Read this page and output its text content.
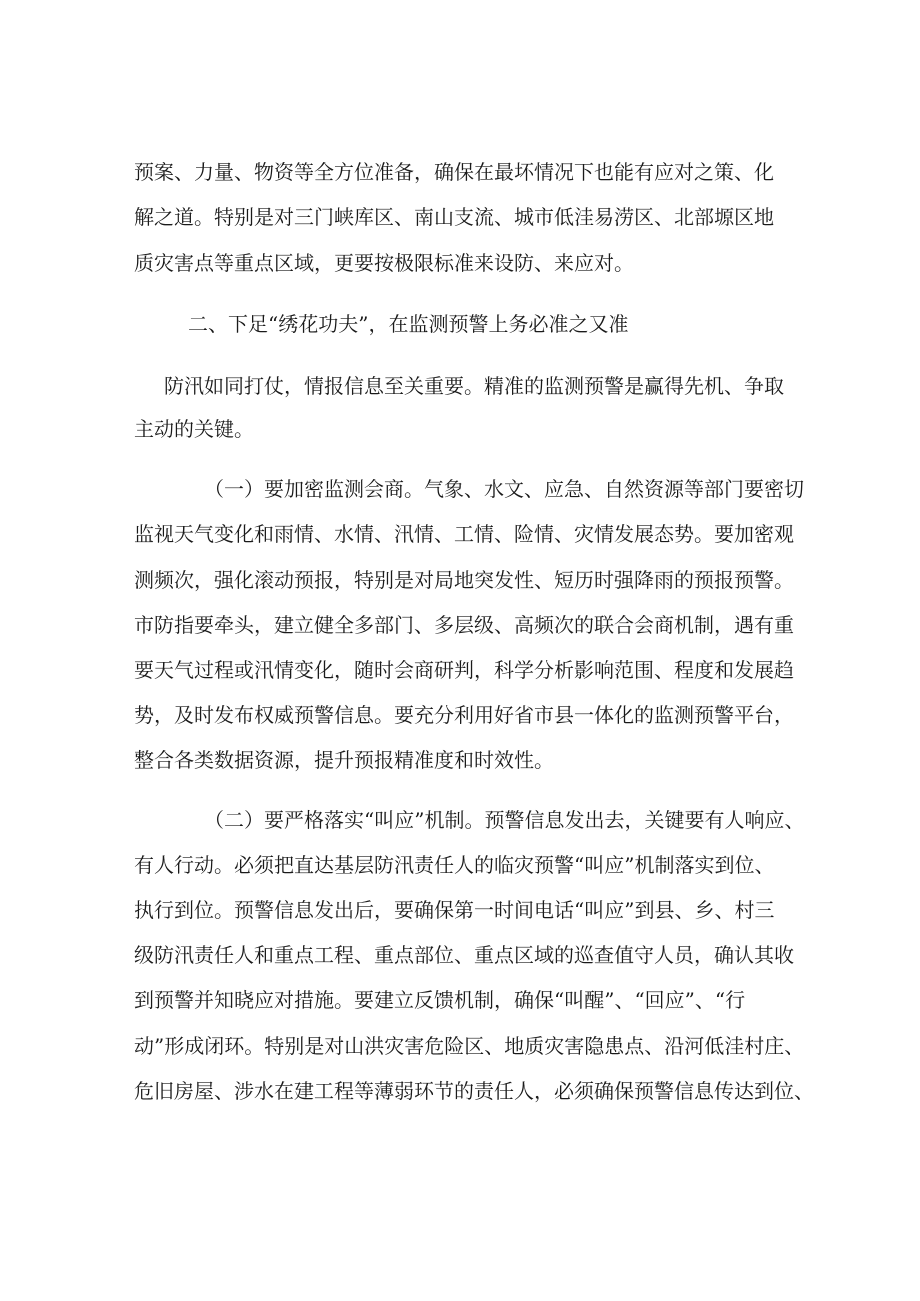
预案、力量、物资等全方位准备，确保在最坏情况下也能有应对之策、化

解之道。特别是对三门峡库区、南山支流、城市低洼易涝区、北部塬区地

质灾害点等重点区域，更要按极限标准来设防、来应对。

二、下足“绣花功夫”，在监测预警上务必准之又准

防汛如同打仗，情报信息至关重要。精准的监测预警是赢得先机、争取

主动的关键。

（一）要加密监测会商。气象、水文、应急、自然资源等部门要密切

监视天气变化和雨情、水情、汛情、工情、险情、灾情发展态势。要加密观

测频次，强化滚动预报，特别是对局地突发性、短历时强降雨的预报预警。

市防指要牵头，建立健全多部门、多层级、高频次的联合会商机制，遇有重

要天气过程或汛情变化，随时会商研判，科学分析影响范围、程度和发展趋

势，及时发布权威预警信息。要充分利用好省市县一体化的监测预警平台，

整合各类数据资源，提升预报精准度和时效性。

（二）要严格落实“叫应”机制。预警信息发出去，关键要有人响应、

有人行动。必须把直达基层防汛责任人的临灾预警“叫应”机制落实到位、

执行到位。预警信息发出后，要确保第一时间电话“叫应”到县、乡、村三

级防汛责任人和重点工程、重点部位、重点区域的巡查值守人员，确认其收

到预警并知晓应对措施。要建立反馈机制，确保“叫醒”、“回应”、“行

动”形成闭环。特别是对山洪灾害危险区、地质灾害隐患点、沿河低洼村庄、

危旧房屋、涉水在建工程等薄弱环节的责任人，必须确保预警信息传达到位、
